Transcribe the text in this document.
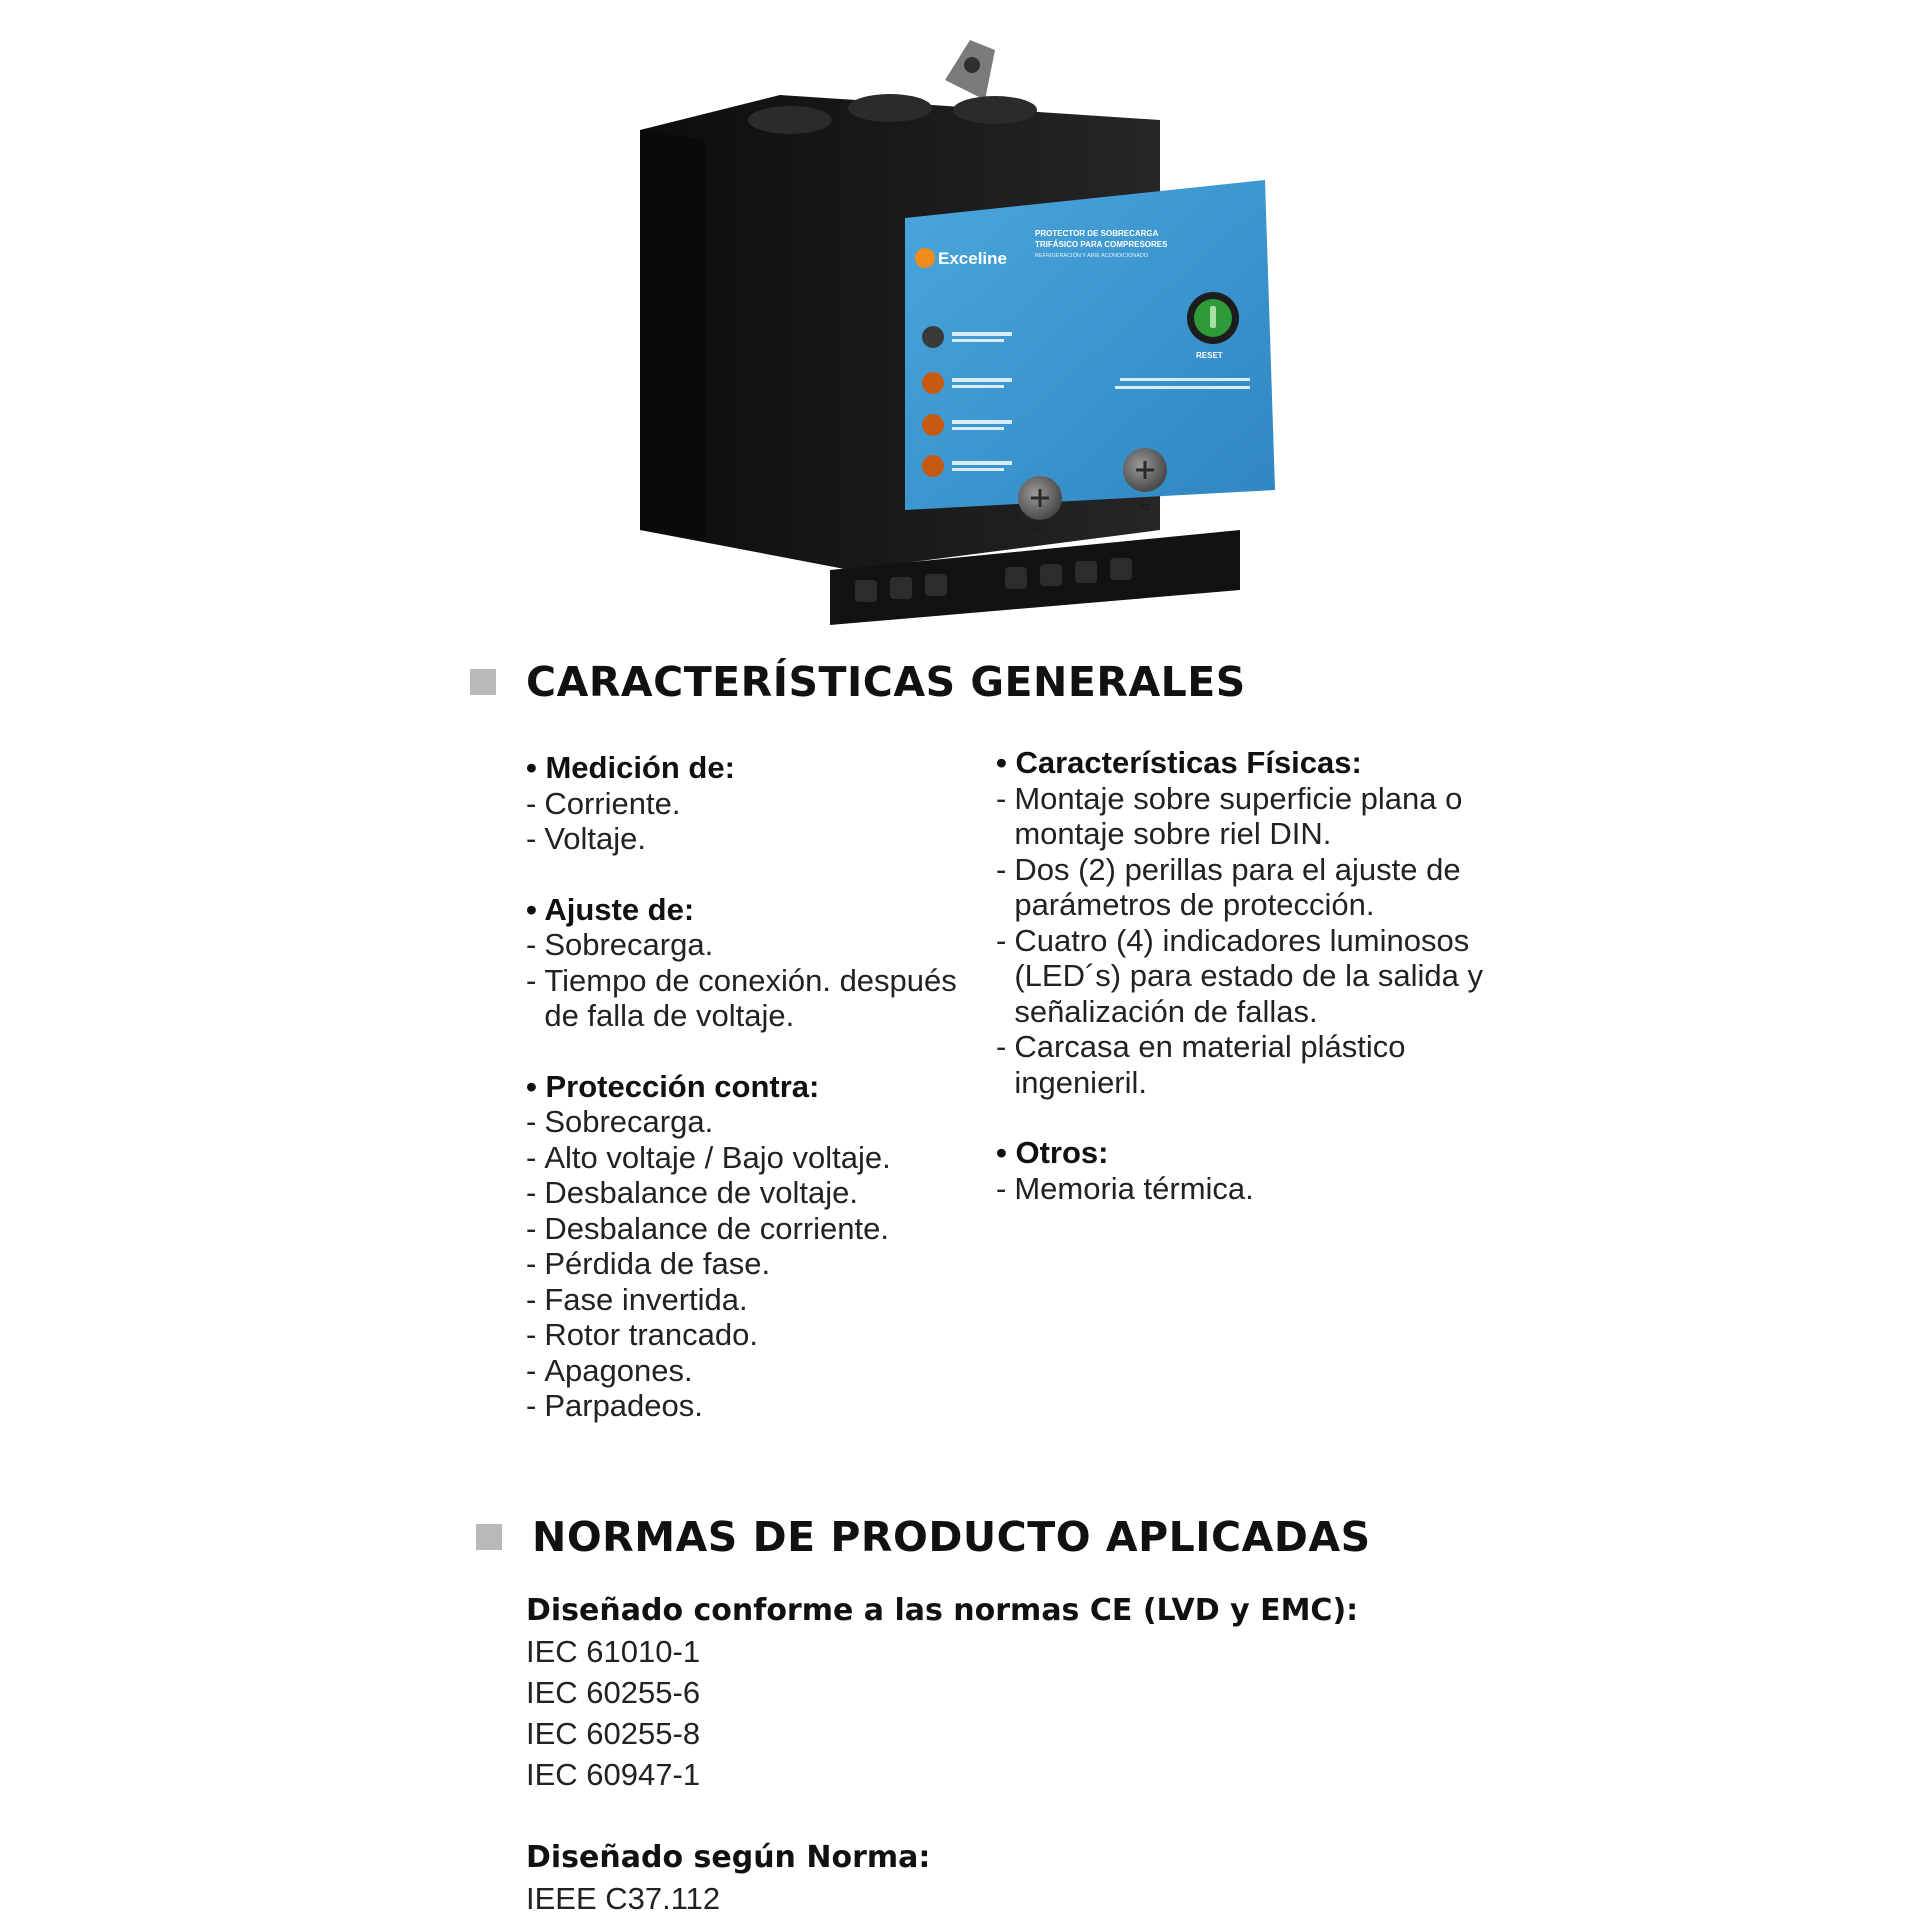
Exceline
PROTECTOR DE SOBRECARGA
TRIFÁSICO PARA COMPRESORES
REFRIGERACIÓN Y AIRE ACONDICIONADO
RESET
FLA
TC
CARACTERÍSTICAS GENERALES
• Medición de:
- Corriente.
- Voltaje.
• Ajuste de:
- Sobrecarga.
- Tiempo de conexión. después de falla de voltaje.
• Protección contra:
- Sobrecarga.
- Alto voltaje / Bajo voltaje.
- Desbalance de voltaje.
- Desbalance de corriente.
- Pérdida de fase.
- Fase invertida.
- Rotor trancado.
- Apagones.
- Parpadeos.
• Características Físicas:
- Montaje sobre superficie plana o montaje sobre riel DIN.
- Dos (2) perillas para el ajuste de parámetros de protección.
- Cuatro (4) indicadores luminosos (LED´s) para estado de la salida y señalización de fallas.
- Carcasa en material plástico ingenieril.
• Otros:
- Memoria térmica.
NORMAS DE PRODUCTO APLICADAS
Diseñado conforme a las normas CE (LVD y EMC):
IEC 61010-1
IEC 60255-6
IEC 60255-8
IEC 60947-1
Diseñado según Norma:
IEEE C37.112
